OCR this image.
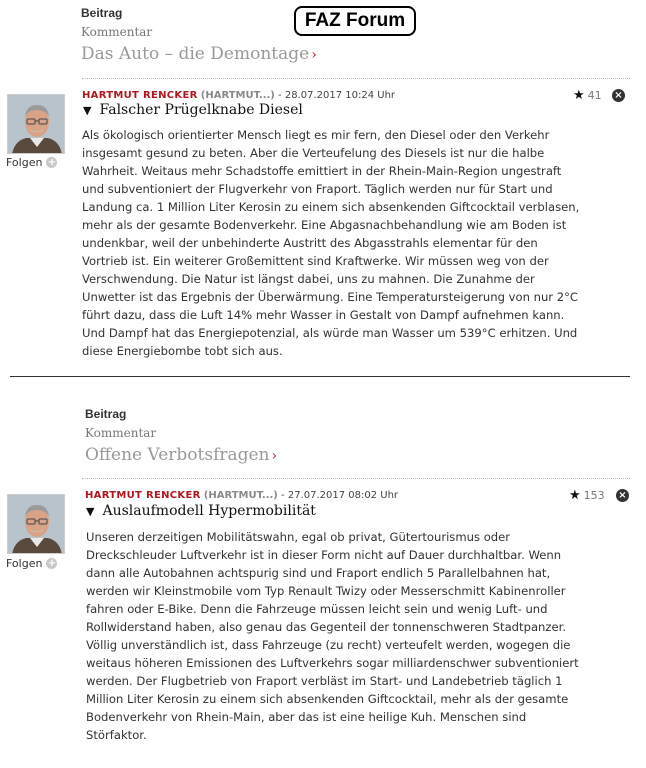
FAZ Forum
Beitrag
Kommentar
Das Auto – die Demontage ›
Folgen +
HARTMUT RENCKER (HARTMUT...) - 28.07.2017 10:24 Uhr	★ 41 ×
▼ Falscher Prügelknabe Diesel
Als ökologisch orientierter Mensch liegt es mir fern, den Diesel oder den Verkehr
insgesamt gesund zu beten. Aber die Verteufelung des Diesels ist nur die halbe
Wahrheit. Weitaus mehr Schadstoffe emittiert in der Rhein-Main-Region ungestraft
und subventioniert der Flugverkehr von Fraport. Täglich werden nur für Start und
Landung ca. 1 Million Liter Kerosin zu einem sich absenkenden Giftcocktail verblasen,
mehr als der gesamte Bodenverkehr. Eine Abgasnachbehandlung wie am Boden ist
undenkbar, weil der unbehinderte Austritt des Abgasstrahls elementar für den
Vortrieb ist. Ein weiterer Großemittent sind Kraftwerke. Wir müssen weg von der
Verschwendung. Die Natur ist längst dabei, uns zu mahnen. Die Zunahme der
Unwetter ist das Ergebnis der Überwärmung. Eine Temperatursteigerung von nur 2°C
führt dazu, dass die Luft 14% mehr Wasser in Gestalt von Dampf aufnehmen kann.
Und Dampf hat das Energiepotenzial, als würde man Wasser um 539°C erhitzen. Und
diese Energiebombe tobt sich aus.
Beitrag
Kommentar
Offene Verbotsfragen ›
Folgen +
HARTMUT RENCKER (HARTMUT...) - 27.07.2017 08:02 Uhr	★ 153 ×
▼ Auslaufmodell Hypermobilität
Unseren derzeitigen Mobilitätswahn, egal ob privat, Gütertourismus oder
Dreckschleuder Luftverkehr ist in dieser Form nicht auf Dauer durchhaltbar. Wenn
dann alle Autobahnen achtspurig sind und Fraport endlich 5 Parallelbahnen hat,
werden wir Kleinstmobile vom Typ Renault Twizy oder Messerschmitt Kabinenroller
fahren oder E-Bike. Denn die Fahrzeuge müssen leicht sein und wenig Luft- und
Rollwiderstand haben, also genau das Gegenteil der tonnenschweren Stadtpanzer.
Völlig unverständlich ist, dass Fahrzeuge (zu recht) verteufelt werden, wogegen die
weitaus höheren Emissionen des Luftverkehrs sogar milliardenschwer subventioniert
werden. Der Flugbetrieb von Fraport verbläst im Start- und Landebetrieb täglich 1
Million Liter Kerosin zu einem sich absenkenden Giftcocktail, mehr als der gesamte
Bodenverkehr von Rhein-Main, aber das ist eine heilige Kuh. Menschen sind
Störfaktor.
